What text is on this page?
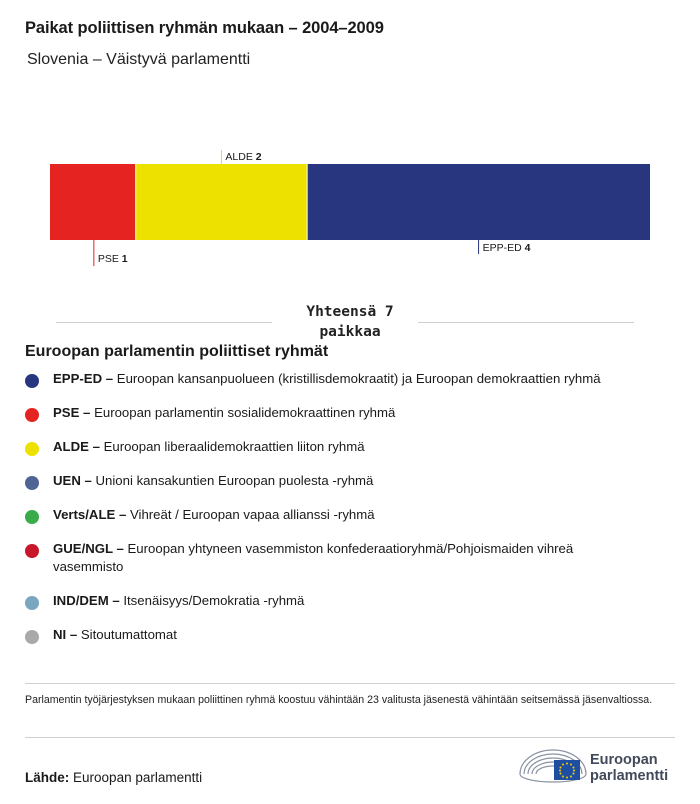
Paikat poliittisen ryhmän mukaan – 2004–2009
Slovenia – Väistyvä parlamentti
PSE 1
ALDE 2
EPP-ED 4
Yhteensä 7
paikkaa
Euroopan parlamentin poliittiset ryhmät
EPP-ED – Euroopan kansanpuolueen (kristillisdemokraatit) ja Euroopan demokraattien ryhmä
PSE – Euroopan parlamentin sosialidemokraattinen ryhmä
ALDE – Euroopan liberaalidemokraattien liiton ryhmä
UEN – Unioni kansakuntien Euroopan puolesta -ryhmä
Verts/ALE – Vihreät / Euroopan vapaa allianssi -ryhmä
GUE/NGL – Euroopan yhtyneen vasemmiston konfederaatioryhmä/Pohjoismaiden vihreä vasemmisto
IND/DEM – Itsenäisyys/Demokratia -ryhmä
NI – Sitoutumattomat
Parlamentin työjärjestyksen mukaan poliittinen ryhmä koostuu vähintään 23 valitusta jäsenestä vähintään seitsemässä jäsenvaltiossa.
Lähde: Euroopan parlamentti
Euroopan
parlamentti
